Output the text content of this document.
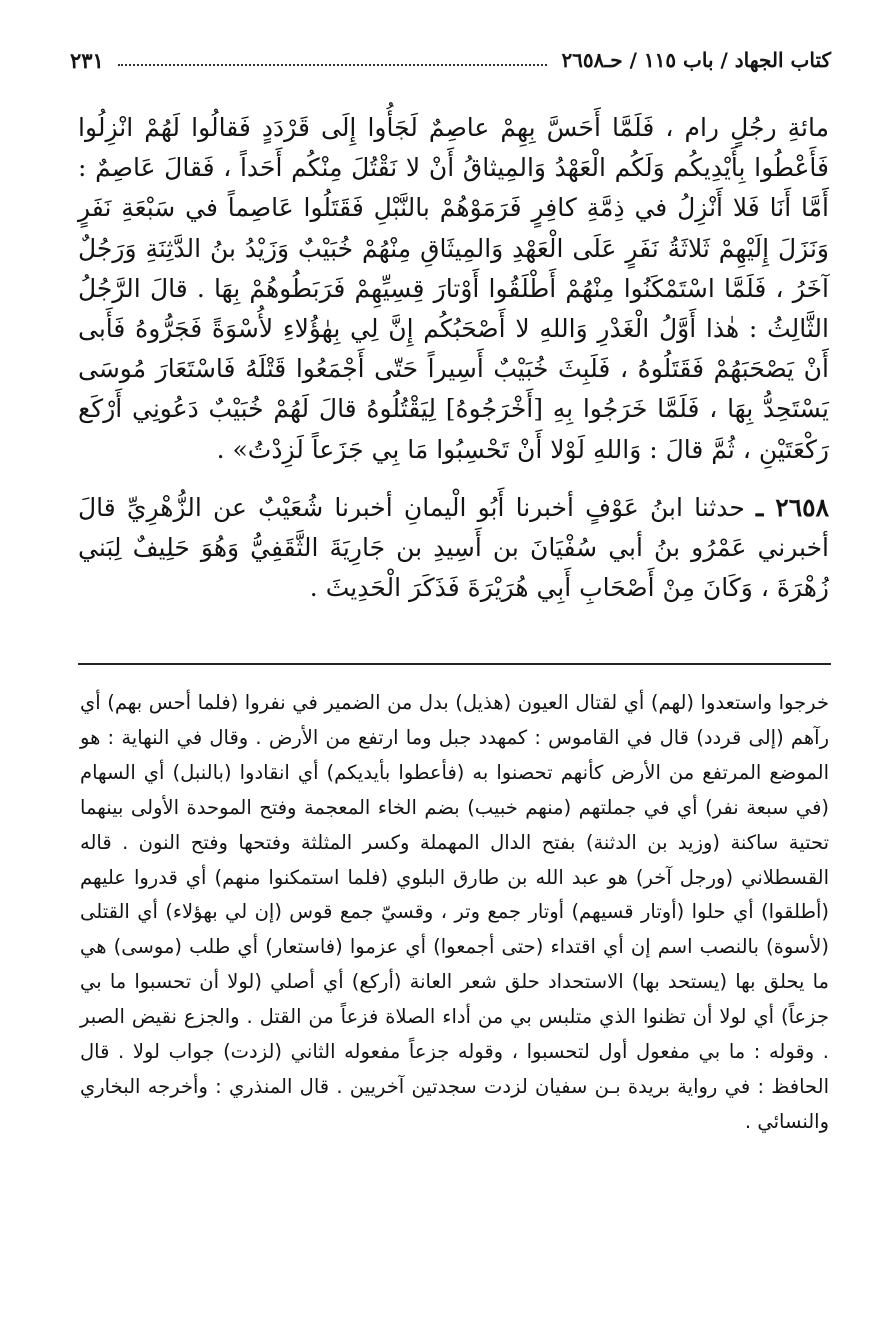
كتاب الجهاد / باب ١١٥ / حـ٢٦٥٨
٢٣١

مائةِ رجُلٍ رام ، فَلَمَّا أَحَسَّ بِهِمْ عاصِمٌ لَجَأُوا إِلَى قَرْدَدٍ فَقالُوا لَهُمْ انْزِلُوا فَأَعْطُوا بِأَيْدِيكُم وَلَكُم الْعَهْدُ وَالمِيثاقُ أَنْ لا نَقْتُلَ مِنْكُم أَحَداً ، فَقالَ عَاصِمٌ : أَمَّا أَنَا فَلا أَنْزِلُ في ذِمَّةِ كافِرٍ فَرَمَوْهُمْ بالنَّبْلِ فَقَتَلُوا عَاصِماً في سَبْعَةِ نَفَرٍ وَنَزَلَ إِلَيْهِمْ ثَلاثَةُ نَفَرٍ عَلَى الْعَهْدِ وَالمِيثَاقِ مِنْهُمْ خُبَيْبٌ وَزَيْدُ بنُ الدَّثِنَةِ وَرَجُلٌ آخَرُ ، فَلَمَّا اسْتَمْكَنُوا مِنْهُمْ أَطْلَقُوا أَوْتارَ قِسِيِّهِمْ فَرَبَطُوهُمْ بِهَا . قالَ الرَّجُلُ الثَّالِثُ : هٰذا أَوَّلُ الْغَدْرِ وَاللهِ لا أَصْحَبُكُم إِنَّ لِي بِهٰؤُلاءِ لأُسْوَةً فَجَرُّوهُ فَأَبى أَنْ يَصْحَبَهُمْ فَقَتَلُوهُ ، فَلَبِثَ خُبَيْبٌ أَسِيراً حَتّى أَجْمَعُوا قَتْلَهُ فَاسْتَعَارَ مُوسَى يَسْتَحِدُّ بِهَا ، فَلَمَّا خَرَجُوا بِهِ [أَخْرَجُوهُ] لِيَقْتُلُوهُ قالَ لَهُمْ خُبَيْبٌ دَعُونِي أَرْكَع رَكْعَتَيْنِ ، ثُمَّ قالَ : وَاللهِ لَوْلا أَنْ تَحْسِبُوا مَا بِي جَزَعاً لَزِدْتُ» .

٢٦٥٨ ـ حدثنا ابنُ عَوْفٍ أخبرنا أَبُو الْيمانِ أخبرنا شُعَيْبٌ عن الزُّهْرِيِّ قالَ أخبرني عَمْرُو بنُ أبي سُفْيَانَ بن أَسِيدِ بن جَارِيَةَ الثَّقَفِيُّ وَهُوَ حَلِيفٌ لِبَني زُهْرَةَ ، وَكَانَ مِنْ أَصْحَابِ أَبِي هُرَيْرَةَ فَذَكَرَ الْحَدِيثَ .

خرجوا واستعدوا (لهم) أي لقتال العيون (هذيل) بدل من الضمير في نفروا (فلما أحس بهم) أي رآهم (إلى قردد) قال في القاموس : كمهدد جبل وما ارتفع من الأرض . وقال في النهاية : هو الموضع المرتفع من الأرض كأنهم تحصنوا به (فأعطوا بأيديكم) أي انقادوا (بالنبل) أي السهام (في سبعة نفر) أي في جملتهم (منهم خبيب) بضم الخاء المعجمة وفتح الموحدة الأولى بينهما تحتية ساكنة (وزيد بن الدثنة) بفتح الدال المهملة وكسر المثلثة وفتحها وفتح النون . قاله القسطلاني (ورجل آخر) هو عبد الله بن طارق البلوي (فلما استمكنوا منهم) أي قدروا عليهم (أطلقوا) أي حلوا (أوتار قسيهم) أوتار جمع وتر ، وقسيّ جمع قوس (إن لي بهؤلاء) أي القتلى (لأسوة) بالنصب اسم إن أي اقتداء (حتى أجمعوا) أي عزموا (فاستعار) أي طلب (موسى) هي ما يحلق بها (يستحد بها) الاستحداد حلق شعر العانة (أركع) أي أصلي (لولا أن تحسبوا ما بي جزعاً) أي لولا أن تظنوا الذي متلبس بي من أداء الصلاة فزعاً من القتل . والجزع نقيض الصبر . وقوله : ما بي مفعول أول لتحسبوا ، وقوله جزعاً مفعوله الثاني (لزدت) جواب لولا . قال الحافظ : في رواية بريدة بـن سفيان لزدت سجدتين آخريين . قال المنذري : وأخرجه البخاري والنسائي .
